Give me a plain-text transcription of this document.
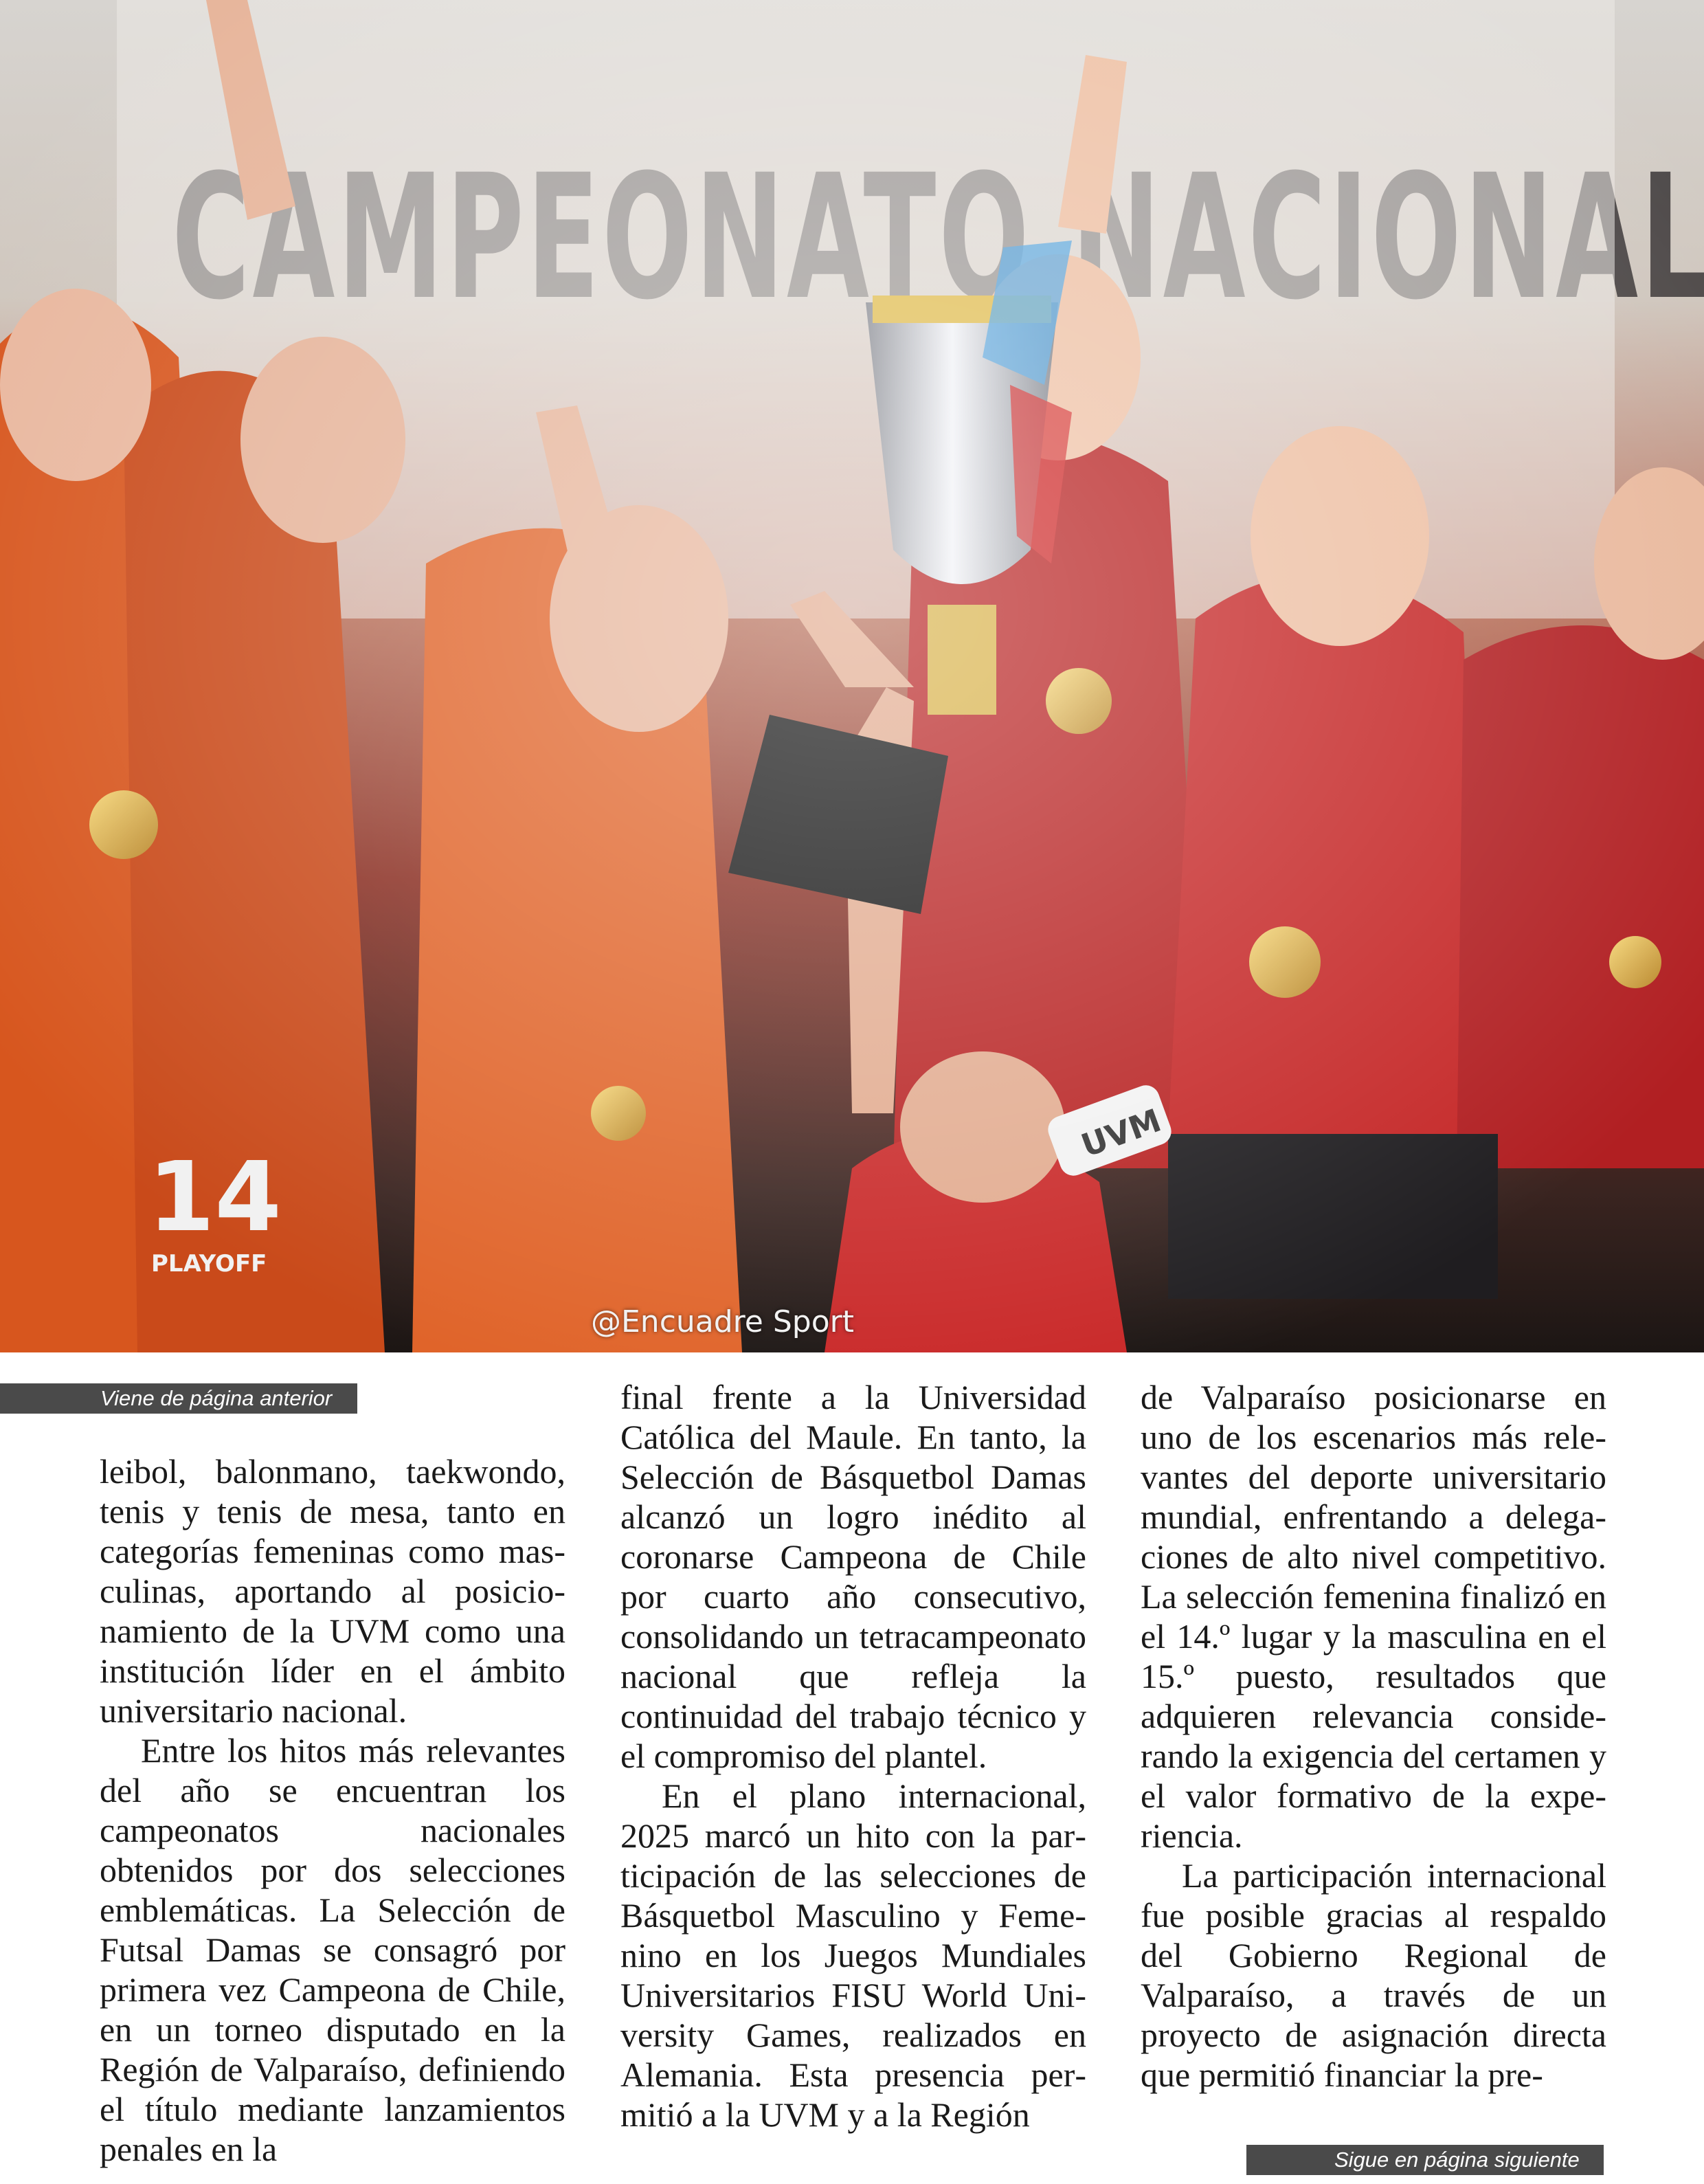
@Encuadre Sport
Viene de página anterior
Sigue en página siguiente

leibol, balonmano, taekwondo, tenis y tenis de mesa, tanto en categorías femeninas como masculinas, aportando al posicionamiento de la UVM como una institución líder en el ámbito universitario nacional.

Entre los hitos más relevantes del año se encuentran los campeonatos nacionales obtenidos por dos selecciones emblemáticas. La Selección de Futsal Damas se consagró por primera vez Campeona de Chile, en un torneo disputado en la Región de Valparaíso, definiendo el título mediante lanzamientos penales en la

final frente a la Universidad Católica del Maule. En tanto, la Selección de Básquetbol Damas alcanzó un logro inédito al coronarse Campeona de Chile por cuarto año consecutivo, consolidando un tetracampeonato nacional que refleja la continuidad del trabajo técnico y el compromiso del plantel.

En el plano internacional, 2025 marcó un hito con la participación de las selecciones de Básquetbol Masculino y Femenino en los Juegos Mundiales Universitarios FISU World University Games, realizados en Alemania. Esta presencia permitió a la UVM y a la Región

de Valparaíso posicionarse en uno de los escenarios más relevantes del deporte universitario mundial, enfrentando a delegaciones de alto nivel competitivo. La selección femenina finalizó en el 14.º lugar y la masculina en el 15.º puesto, resultados que adquieren relevancia considerando la exigencia del certamen y el valor formativo de la experiencia.

La participación internacional fue posible gracias al respaldo del Gobierno Regional de Valparaíso, a través de un proyecto de asignación directa que permitió financiar la pre-
